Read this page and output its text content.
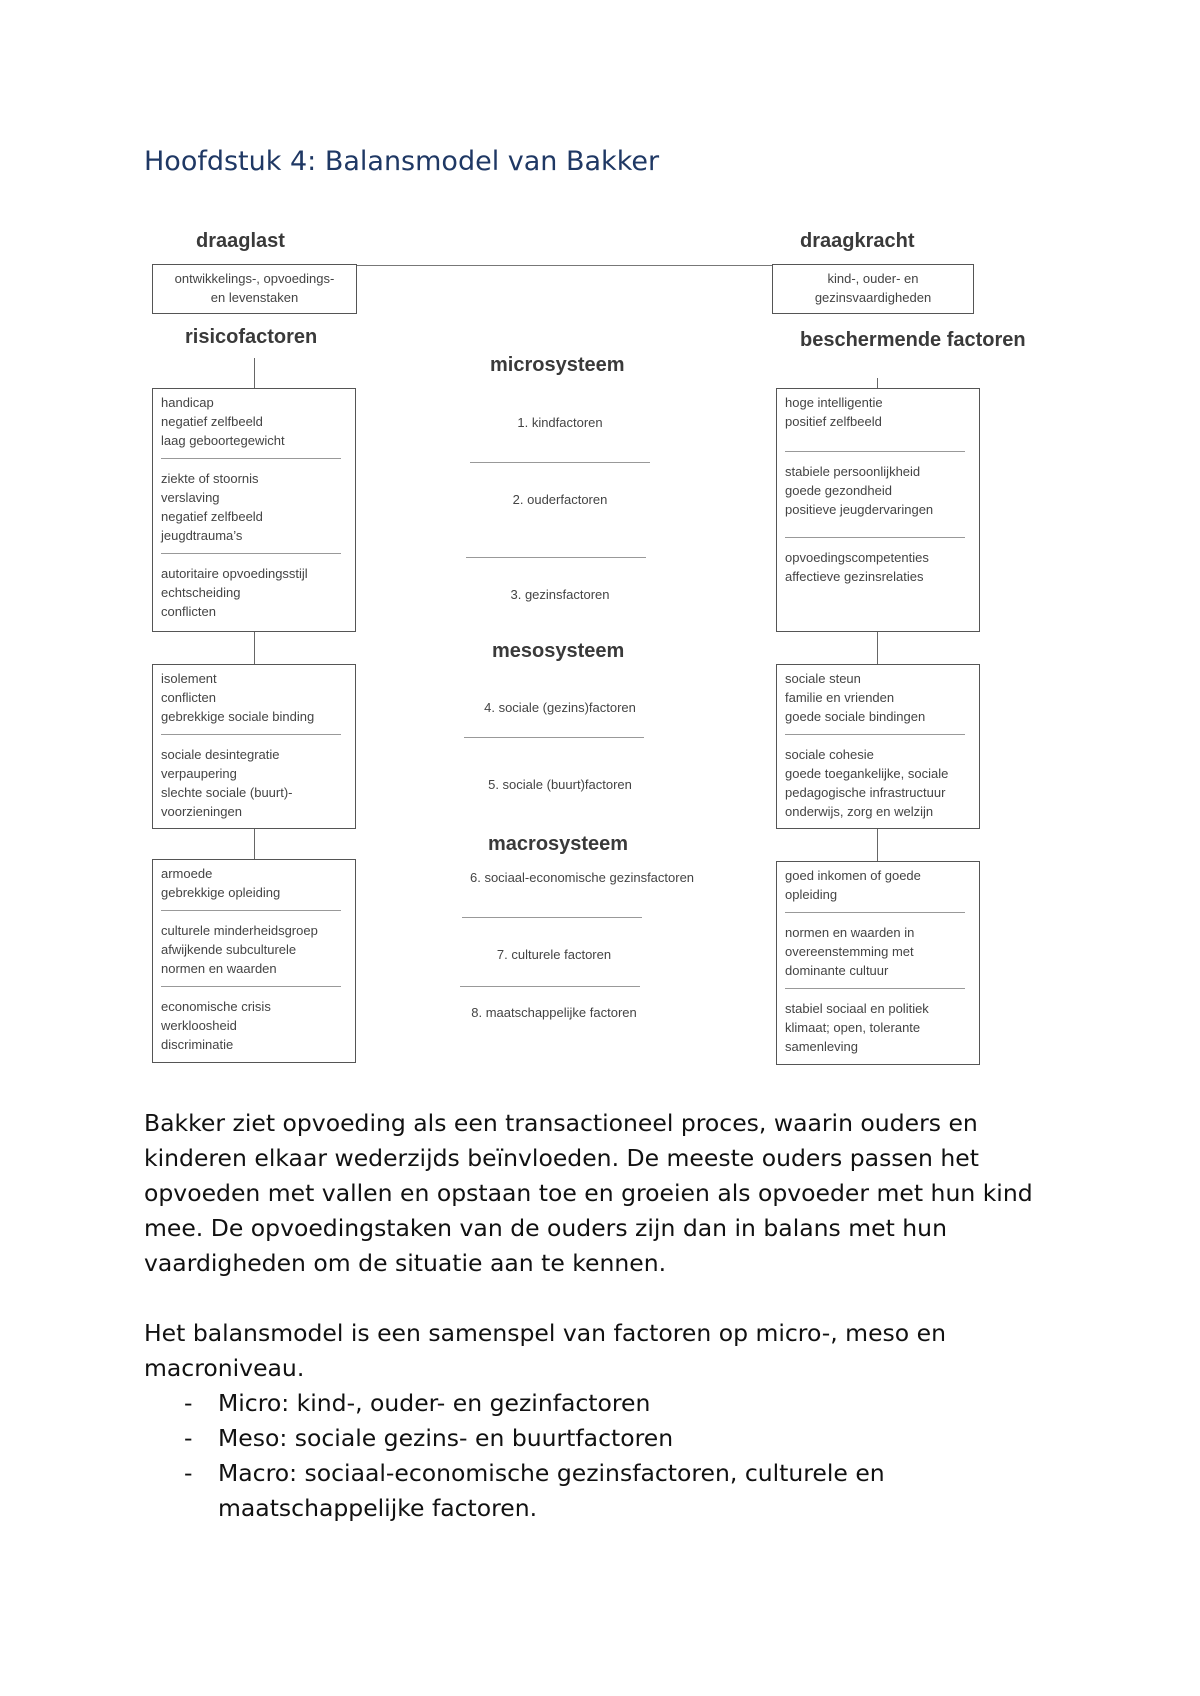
Hoofdstuk 4: Balansmodel van Bakker
draaglast	draagkracht
ontwikkelings-, opvoedings-
en levenstaken
kind-, ouder- en
gezinsvaardigheden
risicofactoren	beschermende factoren
microsysteem
mesosysteem
macrosysteem
handicap
negatief zelfbeeld
laag geboortegewicht
ziekte of stoornis
verslaving
negatief zelfbeeld
jeugdtrauma’s
autoritaire opvoedingsstijl
echtscheiding
conflicten
isolement
conflicten
gebrekkige sociale binding
sociale desintegratie
verpaupering
slechte sociale (buurt)-
voorzieningen
armoede
gebrekkige opleiding
culturele minderheidsgroep
afwijkende subculturele
normen en waarden
economische crisis
werkloosheid
discriminatie
hoge intelligentie
positief zelfbeeld
stabiele persoonlijkheid
goede gezondheid
positieve jeugdervaringen
opvoedingscompetenties
affectieve gezinsrelaties
sociale steun
familie en vrienden
goede sociale bindingen
sociale cohesie
goede toegankelijke, sociale
pedagogische infrastructuur
onderwijs, zorg en welzijn
goed inkomen of goede
opleiding
normen en waarden in
overeenstemming met
dominante cultuur
stabiel sociaal en politiek
klimaat; open, tolerante
samenleving
1. kindfactoren
2. ouderfactoren
3. gezinsfactoren
4. sociale (gezins)factoren
5. sociale (buurt)factoren
6. sociaal-economische gezinsfactoren
7. culturele factoren
8. maatschappelijke factoren
Bakker ziet opvoeding als een transactioneel proces, waarin ouders en kinderen elkaar wederzijds beïnvloeden. De meeste ouders passen het opvoeden met vallen en opstaan toe en groeien als opvoeder met hun kind mee. De opvoedingstaken van de ouders zijn dan in balans met hun vaardigheden om de situatie aan te kennen.
Het balansmodel is een samenspel van factoren op micro-, meso en macroniveau.
- Micro: kind-, ouder- en gezinfactoren
- Meso: sociale gezins- en buurtfactoren
- Macro: sociaal-economische gezinsfactoren, culturele en maatschappelijke factoren.
